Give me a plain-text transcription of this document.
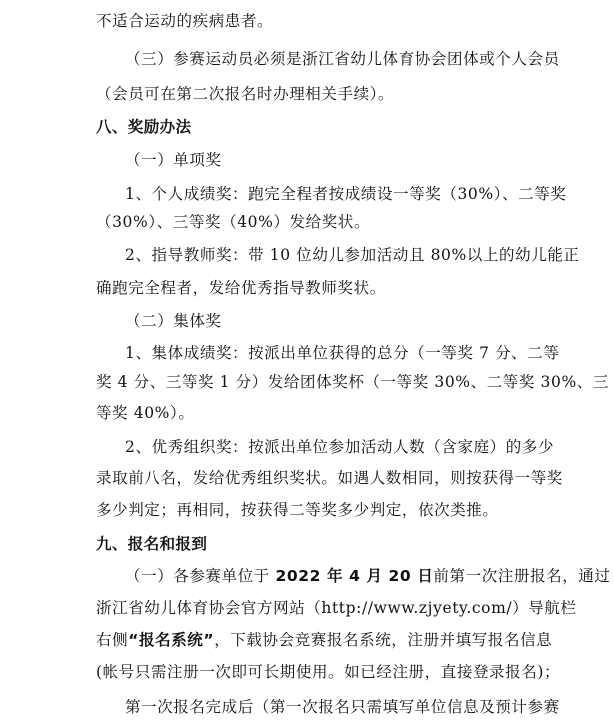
不适合运动的疾病患者。
（三）参赛运动员必须是浙江省幼儿体育协会团体或个人会员
（会员可在第二次报名时办理相关手续）。
八、奖励办法
（一）单项奖
1、个人成绩奖：跑完全程者按成绩设一等奖（30%）、二等奖
（30%）、三等奖（40%）发给奖状。
2、指导教师奖：带 10 位幼儿参加活动且 80%以上的幼儿能正
确跑完全程者，发给优秀指导教师奖状。
（二）集体奖
1、集体成绩奖：按派出单位获得的总分（一等奖 7 分、二等
奖 4 分、三等奖 1 分）发给团体奖杯（一等奖 30%、二等奖 30%、三
等奖 40%）。
2、优秀组织奖：按派出单位参加活动人数（含家庭）的多少
录取前八名，发给优秀组织奖状。如遇人数相同，则按获得一等奖
多少判定；再相同，按获得二等奖多少判定，依次类推。
九、报名和报到
（一）各参赛单位于 2022 年 4 月 20 日前第一次注册报名，通过
浙江省幼儿体育协会官方网站（http://www.zjyety.com/）导航栏
右侧“报名系统”，下载协会竞赛报名系统，注册并填写报名信息
(帐号只需注册一次即可长期使用。如已经注册，直接登录报名)；
第一次报名完成后（第一次报名只需填写单位信息及预计参赛
